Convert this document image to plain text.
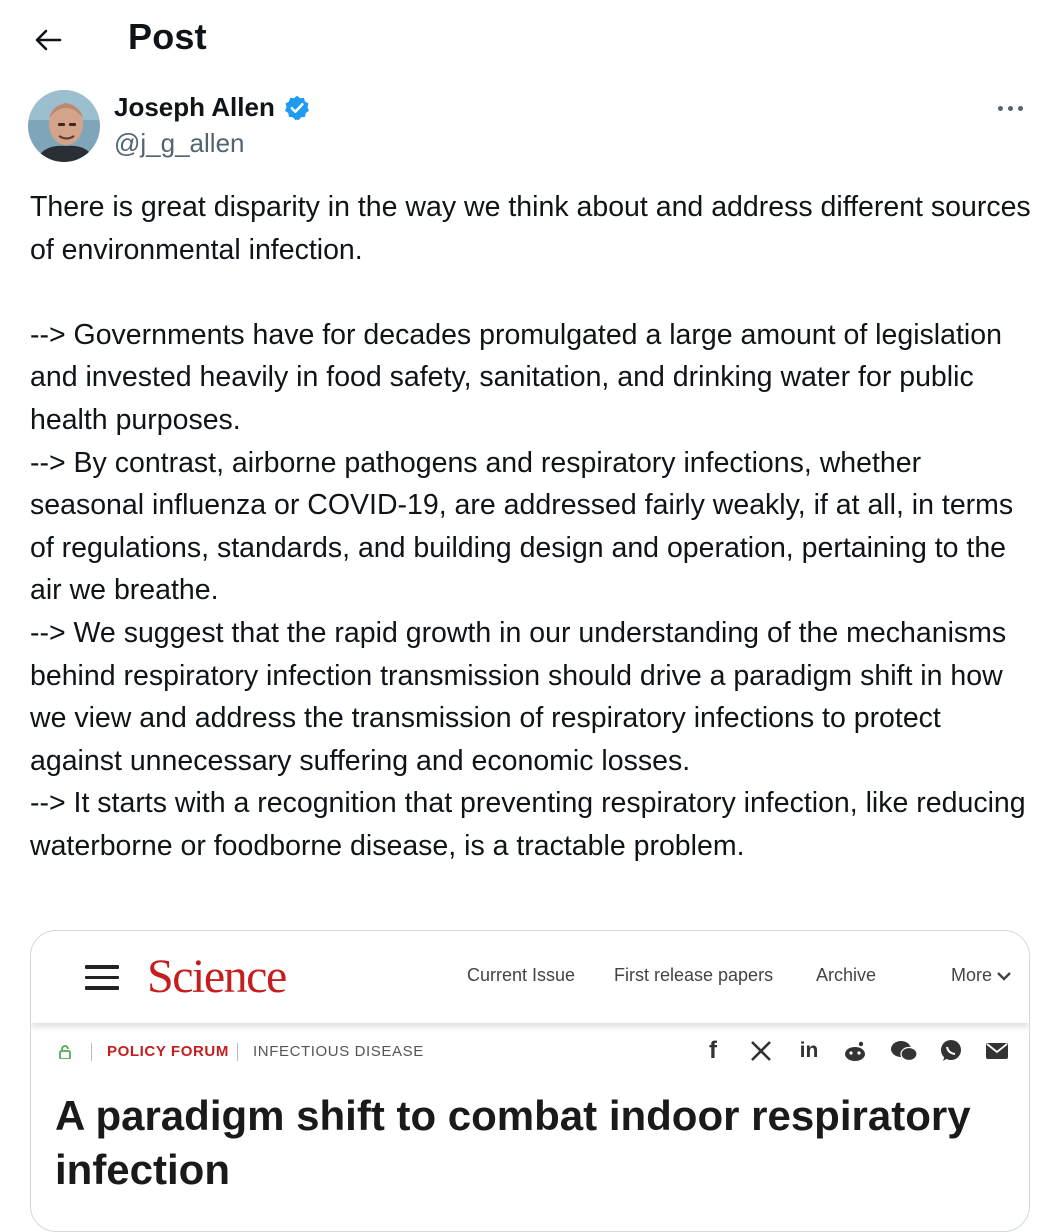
Post
Joseph Allen
@j_g_allen

There is great disparity in the way we think about and address different sources of environmental infection.

--> Governments have for decades promulgated a large amount of legislation and invested heavily in food safety, sanitation, and drinking water for public health purposes.

--> By contrast, airborne pathogens and respiratory infections, whether seasonal influenza or COVID-19, are addressed fairly weakly, if at all, in terms of regulations, standards, and building design and operation, pertaining to the air we breathe.

--> We suggest that the rapid growth in our understanding of the mechanisms behind respiratory infection transmission should drive a paradigm shift in how we view and address the transmission of respiratory infections to protect against unnecessary suffering and economic losses.

--> It starts with a recognition that preventing respiratory infection, like reducing waterborne or foodborne disease, is a tractable problem.

Science	Current Issue First release papers Archive	More
POLICY FORUM INFECTIOUS DISEASE	f	in
A paradigm shift to combat indoor respiratory infection
